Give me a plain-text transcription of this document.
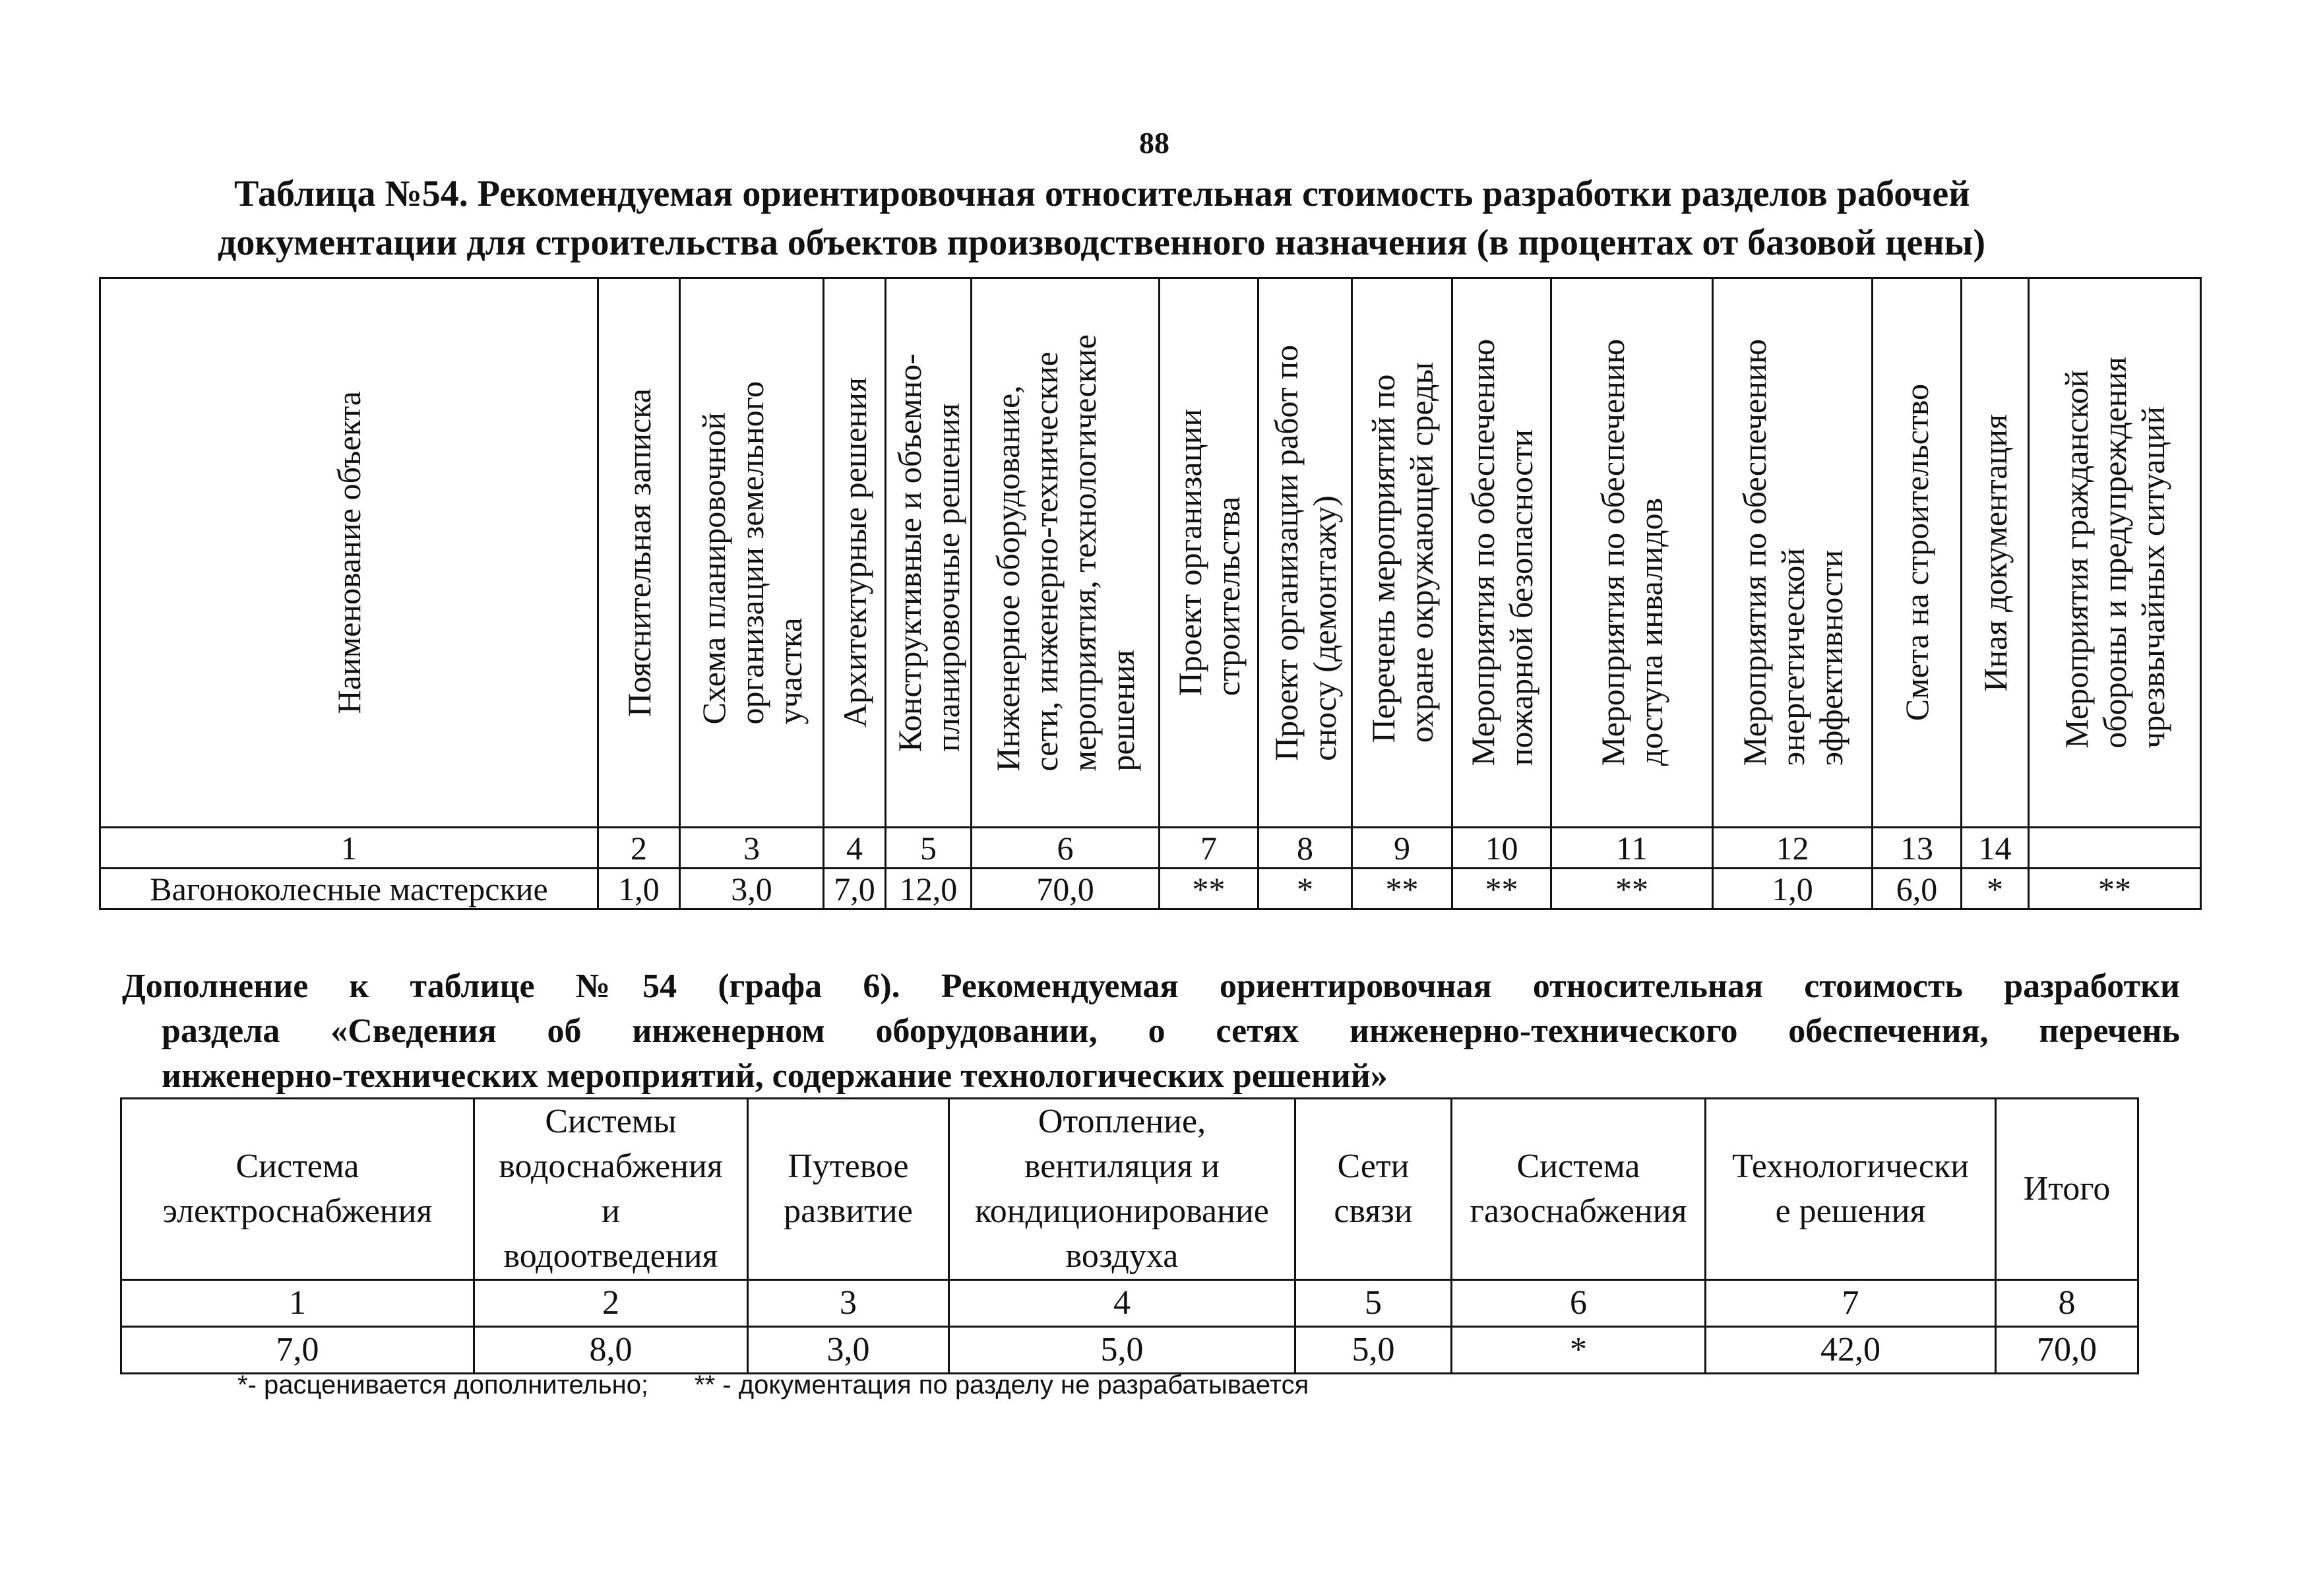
88
Таблица №54. Рекомендуемая ориентировочная относительная стоимость разработки разделов рабочей
документации для строительства объектов производственного назначения (в процентах от базовой цены)
Наименование объекта	Пояснительная записка	Схема планировочной
организации земельного
участка	Архитектурные решения	Конструктивные и объемно-
планировочные решения	Инженерное оборудование,
сети, инженерно-технические
мероприятия, технологические
решения	Проект организации
строительства	Проект организации работ по
сносу (демонтажу)	Перечень мероприятий по
охране окружающей среды	Мероприятия по обеспечению
пожарной безопасности	Мероприятия по обеспечению
доступа инвалидов	Мероприятия по обеспечению
энергетической
эффективности	Смета на строительство	Иная документация	Мероприятия гражданской
обороны и предупреждения
чрезвычайных ситуаций

1	2	3	4	5	6	7	8	9	10	11	12	13	14	
Вагоноколесные мастерские	1,0	3,0	7,0	12,0	70,0	**	*	**	**	**	1,0	6,0	*	**
Дополнение к таблице №54 (графа 6). Рекомендуемая ориентировочная относительная стоимость разработки
раздела «Сведения об инженерном оборудовании, о сетях инженерно-технического обеспечения, перечень
инженерно-технических мероприятий, содержание технологических решений»
Система
электроснабжения	Системы
водоснабжения
и
водоотведения	Путевое
развитие	Отопление,
вентиляция и
кондиционирование
воздуха	Сети
связи	Система
газоснабжения	Технологически
е решения	Итого

1	2	3	4	5	6	7	8
7,0	8,0	3,0	5,0	5,0	*	42,0	70,0
*- расценивается дополнительно; ** - документация по разделу не разрабатывается
